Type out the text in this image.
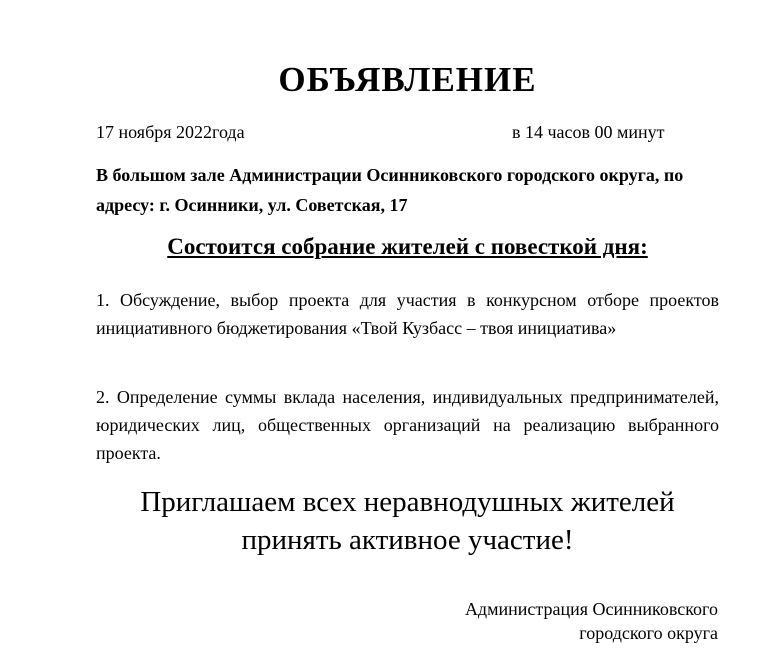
ОБЪЯВЛЕНИЕ
17 ноября 2022года	в 14 часов 00 минут
В большом зале Администрации Осинниковского городского округа, по адресу: г. Осинники, ул. Советская, 17
Состоится собрание жителей с повесткой дня:
1. Обсуждение, выбор проекта для участия в конкурсном отборе проектов инициативного бюджетирования «Твой Кузбасс – твоя инициатива»
2. Определение суммы вклада населения, индивидуальных предпринимателей, юридических лиц, общественных организаций на реализацию выбранного проекта.
Приглашаем всех неравнодушных жителей
принять активное участие!
Администрация Осинниковского
городского округа
